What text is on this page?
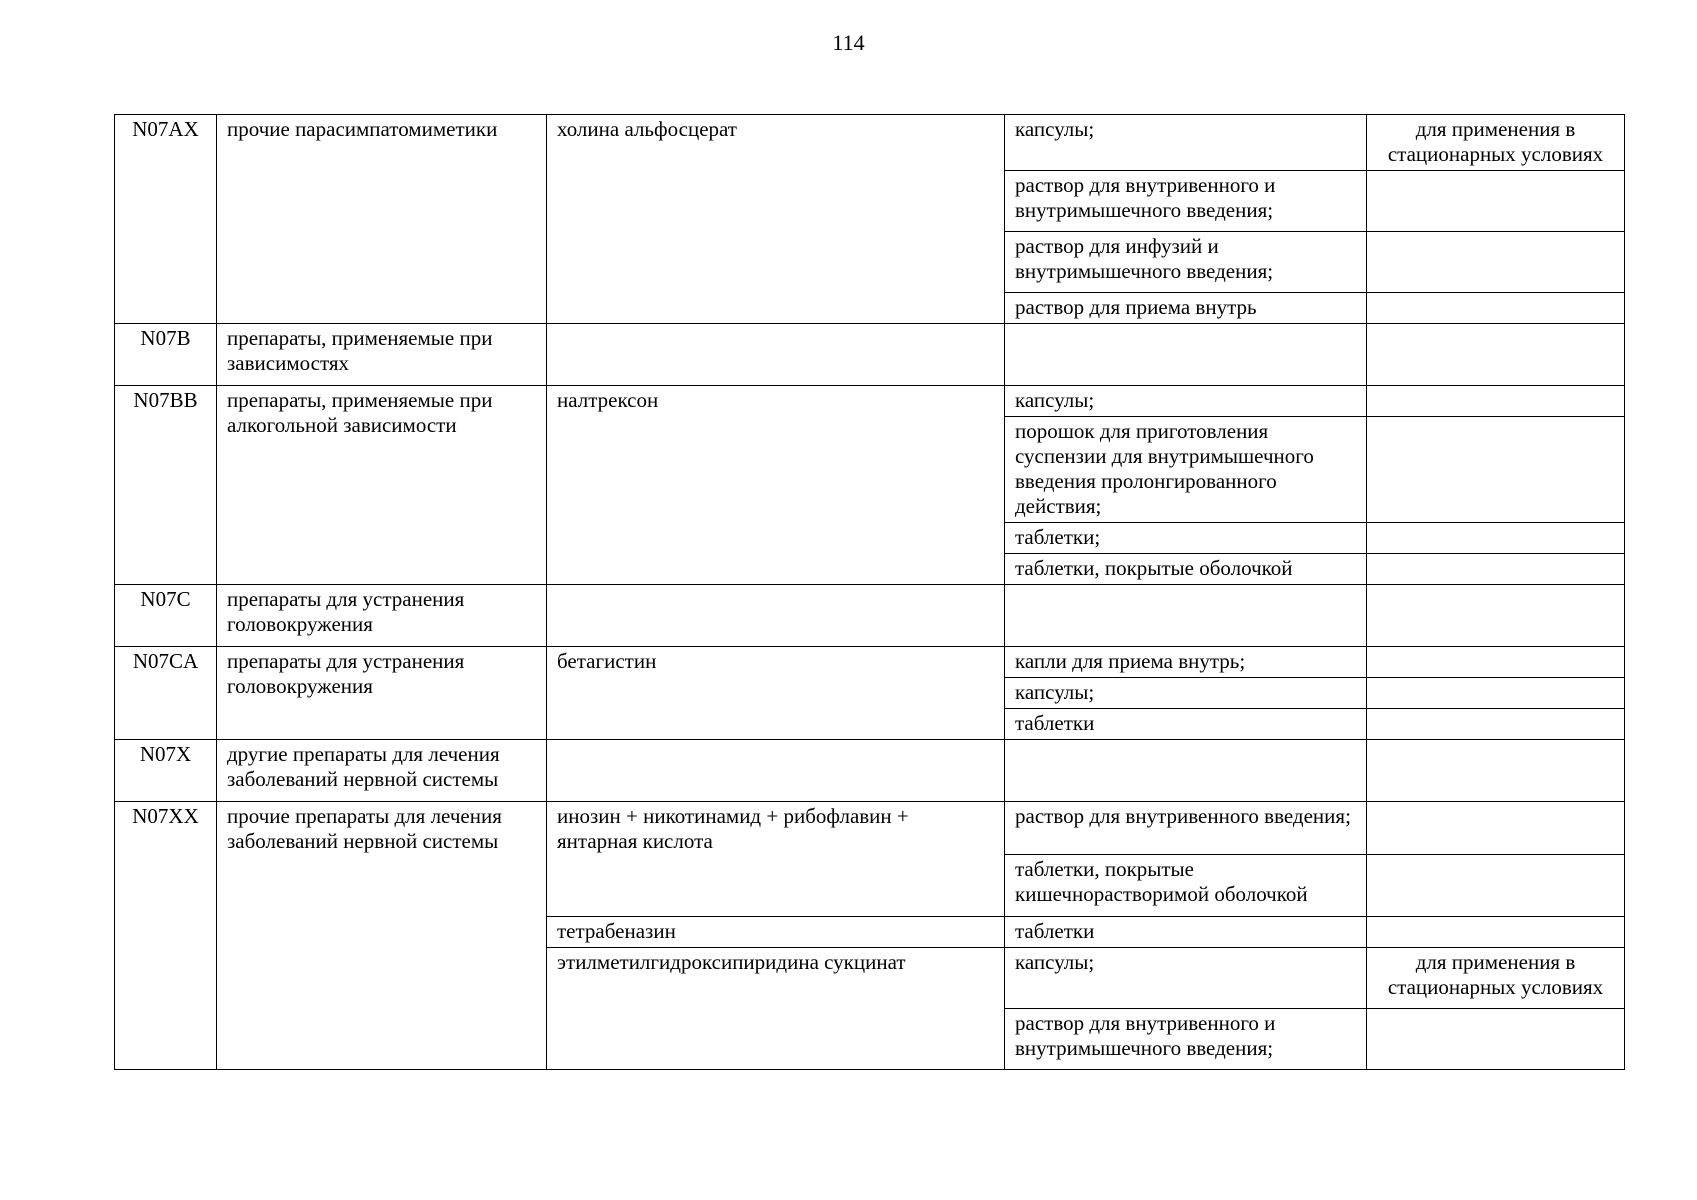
114
N07AX	прочие парасимпатомиметики	холина альфосцерат	капсулы;	для применения в стационарных условиях
			раствор для внутривенного и внутримышечного введения;	
			раствор для инфузий и внутримышечного введения;	
			раствор для приема внутрь	
N07B	препараты, применяемые при зависимостях			
N07BB	препараты, применяемые при алкогольной зависимости	налтрексон	капсулы;	
			порошок для приготовления суспензии для внутримышечного введения пролонгированного действия;	
			таблетки;	
			таблетки, покрытые оболочкой	
N07C	препараты для устранения головокружения			
N07CA	препараты для устранения головокружения	бетагистин	капли для приема внутрь;	
			капсулы;	
			таблетки	
N07X	другие препараты для лечения заболеваний нервной системы			
N07XX	прочие препараты для лечения заболеваний нервной системы	инозин + никотинамид + рибофлавин + янтарная кислота	раствор для внутривенного введения;	
			таблетки, покрытые кишечнорастворимой оболочкой	
		тетрабеназин	таблетки	
		этилметилгидроксипиридина сукцинат	капсулы;	для применения в стационарных условиях
			раствор для внутривенного и внутримышечного введения;	
